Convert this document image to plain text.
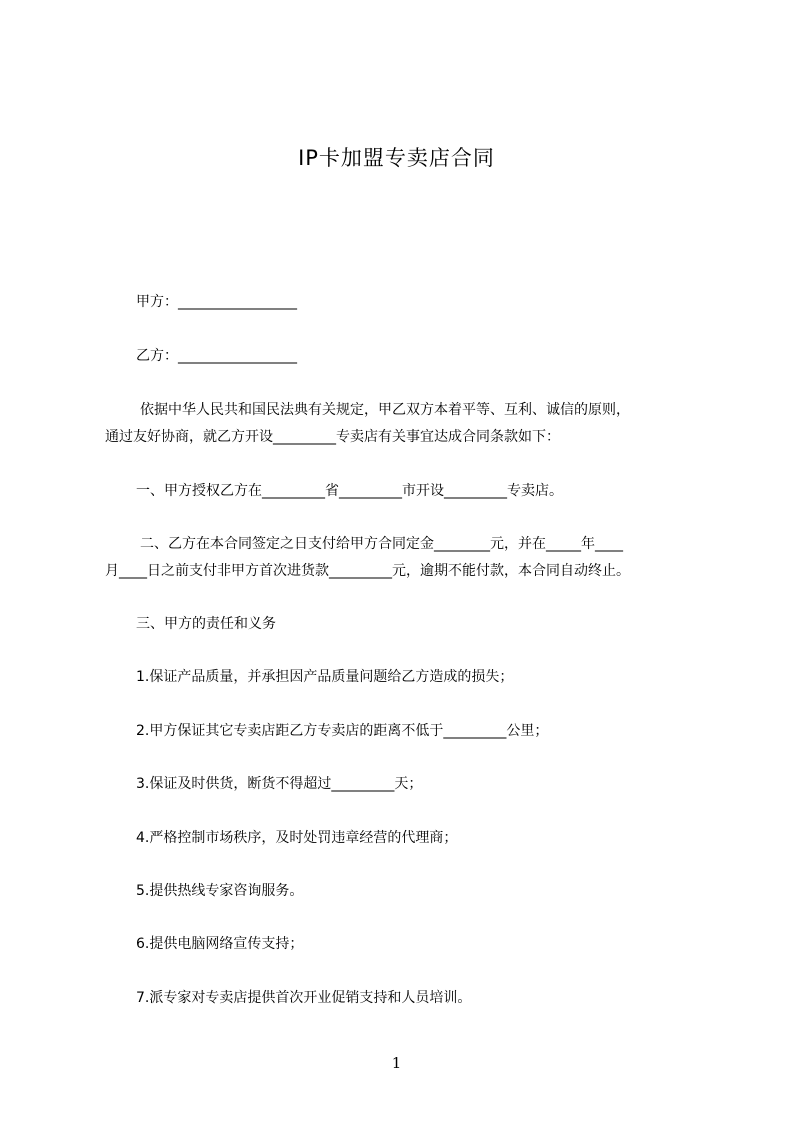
IP卡加盟专卖店合同
甲方：_________________
乙方：_________________
依据中华人民共和国民法典有关规定，甲乙双方本着平等、互利、诚信的原则，
通过友好协商，就乙方开设_________专卖店有关事宜达成合同条款如下：
一、甲方授权乙方在_________省_________市开设_________专卖店。
二、乙方在本合同签定之日支付给甲方合同定金________元，并在_____年____
月____日之前支付非甲方首次进货款_________元，逾期不能付款，本合同自动终止。
三、甲方的责任和义务
1.保证产品质量，并承担因产品质量问题给乙方造成的损失；
2.甲方保证其它专卖店距乙方专卖店的距离不低于_________公里；
3.保证及时供货，断货不得超过_________天；
4.严格控制市场秩序，及时处罚违章经营的代理商；
5.提供热线专家咨询服务。
6.提供电脑网络宣传支持；
7.派专家对专卖店提供首次开业促销支持和人员培训。
1
